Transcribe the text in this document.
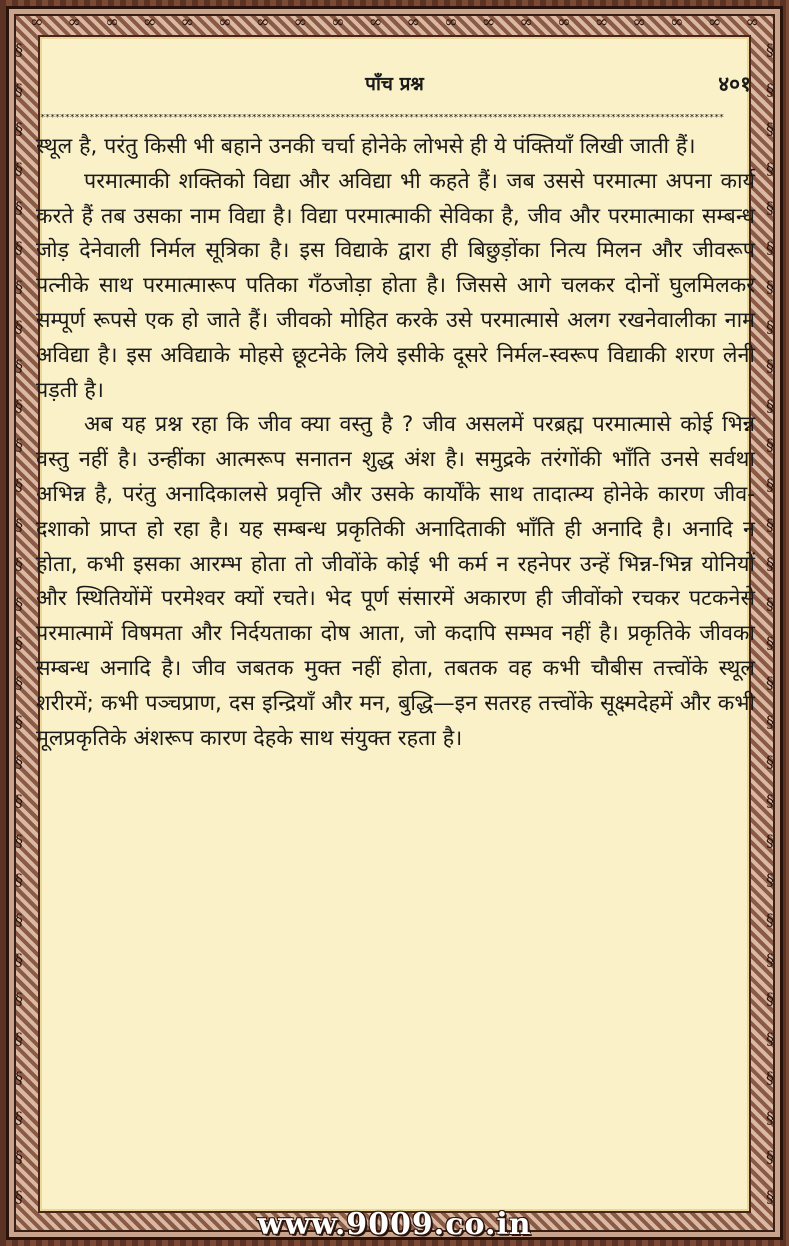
∞ ∞ ∞ ∞ ∞ ∞ ∞ ∞ ∞ ∞ ∞ ∞ ∞ ∞ ∞ ∞ ∞ ∞ ∞ ∞
§
§
§
§
§
§
§
§
§
§
§
§
§
§
§
§
§
§
§
§
§
§
§
§
§
§
§
§
§
§
§
§
§
§
§
§
§
§
§
§
§
§
§
§
§
§
§
§
§
§
§
§
§
§
§
§
§
§
§
§
पाँच प्रश्न	४०१
*******************************************************************************************************************************************

स्थूल है, परंतु किसी भी बहाने उनकी चर्चा होनेके लोभसे ही ये पंक्तियाँ लिखी जाती हैं।

परमात्माकी शक्तिको विद्या और अविद्या भी कहते हैं। जब उससे परमात्मा अपना कार्य करते हैं तब उसका नाम विद्या है। विद्या परमात्माकी सेविका है, जीव और परमात्माका सम्बन्ध जोड़ देनेवाली निर्मल सूत्रिका है। इस विद्याके द्वारा ही बिछुड़ोंका नित्य मिलन और जीवरूप पत्नीके साथ परमात्मारूप पतिका गँठजोड़ा होता है। जिससे आगे चलकर दोनों घुलमिलकर सम्पूर्ण रूपसे एक हो जाते हैं। जीवको मोहित करके उसे परमात्मासे अलग रखनेवालीका नाम अविद्या है। इस अविद्याके मोहसे छूटनेके लिये इसीके दूसरे निर्मल-स्वरूप विद्याकी शरण लेनी पड़ती है।

अब यह प्रश्न रहा कि जीव क्या वस्तु है ? जीव असलमें परब्रह्म परमात्मासे कोई भिन्न वस्तु नहीं है। उन्हींका आत्मरूप सनातन शुद्ध अंश है। समुद्रके तरंगोंकी भाँति उनसे सर्वथा अभिन्न है, परंतु अनादिकालसे प्रवृत्ति और उसके कार्योंके साथ तादात्म्य होनेके कारण जीव-दशाको प्राप्त हो रहा है। यह सम्बन्ध प्रकृतिकी अनादिताकी भाँति ही अनादि है। अनादि न होता, कभी इसका आरम्भ होता तो जीवोंके कोई भी कर्म न रहनेपर उन्हें भिन्न-भिन्न योनियों और स्थितियोंमें परमेश्वर क्यों रचते। भेद पूर्ण संसारमें अकारण ही जीवोंको रचकर पटकनेसे परमात्मामें विषमता और निर्दयताका दोष आता, जो कदापि सम्भव नहीं है। प्रकृतिके जीवका सम्बन्ध अनादि है। जीव जबतक मुक्त नहीं होता, तबतक वह कभी चौबीस तत्त्वोंके स्थूल शरीरमें; कभी पञ्चप्राण, दस इन्द्रियाँ और मन, बुद्धि—इन सतरह तत्त्वोंके सूक्ष्मदेहमें और कभी मूलप्रकृतिके अंशरूप कारण देहके साथ संयुक्त रहता है।

www.9009.co.in
